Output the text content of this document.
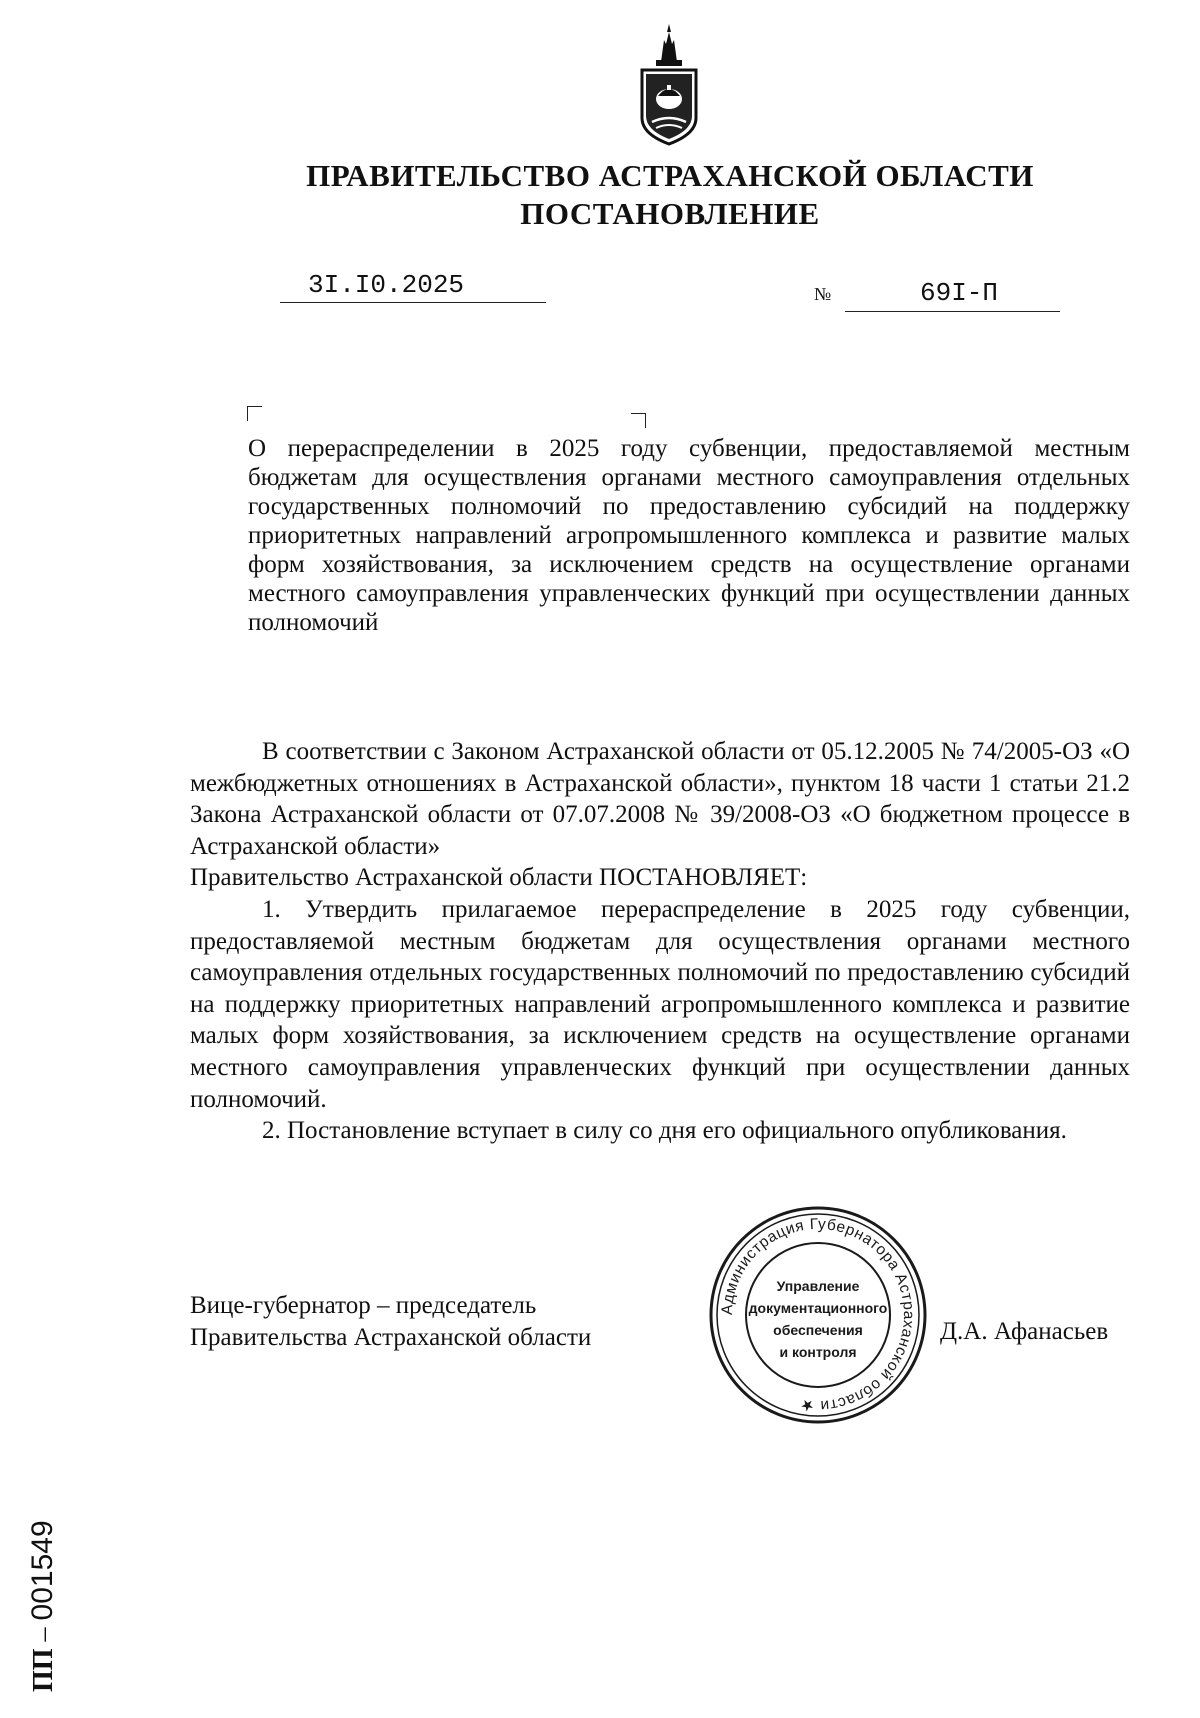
ПРАВИТЕЛЬСТВО АСТРАХАНСКОЙ ОБЛАСТИ
ПОСТАНОВЛЕНИЕ
3I.I0.2025	№	69I-П
О перераспределении в 2025 году субвенции, предоставляемой местным бюджетам для осуществления органами местного самоуправления отдельных государственных полномочий по предоставлению субсидий на поддержку приоритетных направлений агропромышленного комплекса и развитие малых форм хозяйствования, за исключением средств на осуществление органами местного самоуправления управленческих функций при осуществлении данных полномочий

В соответствии с Законом Астраханской области от 05.12.2005 № 74/2005-ОЗ «О межбюджетных отношениях в Астраханской области», пунктом 18 части 1 статьи 21.2 Закона Астраханской области от 07.07.2008 № 39/2008-ОЗ «О бюджетном процессе в Астраханской области»

Правительство Астраханской области ПОСТАНОВЛЯЕТ:

1. Утвердить прилагаемое перераспределение в 2025 году субвенции, предоставляемой местным бюджетам для осуществления органами местного самоуправления отдельных государственных полномочий по предоставлению субсидий на поддержку приоритетных направлений агропромышленного комплекса и развитие малых форм хозяйствования, за исключением средств на осуществление органами местного самоуправления управленческих функций при осуществлении данных полномочий.

2. Постановление вступает в силу со дня его официального опубликования.

Вице-губернатор – председатель
Правительства Астраханской области	Д.А. Афанасьев
Администрация Губернатора Астраханской области ★
Управление
документационного
обеспечения
и контроля
ПП – 001549
